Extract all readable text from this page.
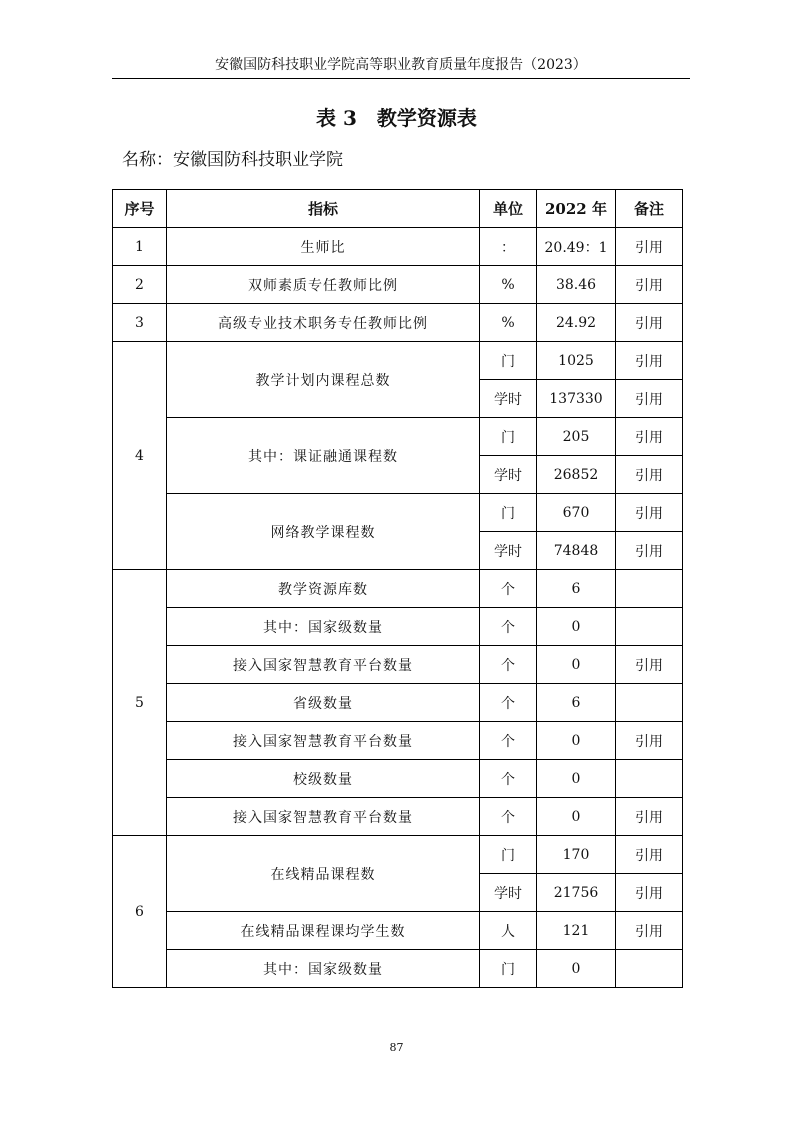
安徽国防科技职业学院高等职业教育质量年度报告（2023）
表 3　教学资源表
名称：安徽国防科技职业学院
序号	指标	单位	2022 年	备注
1	生师比	：	20.49：1	引用
2	双师素质专任教师比例	%	38.46	引用
3	高级专业技术职务专任教师比例	%	24.92	引用
4	教学计划内课程总数	门	1025	引用
		学时	137330	引用
	其中：课证融通课程数	门	205	引用
		学时	26852	引用
	网络教学课程数	门	670	引用
		学时	74848	引用
5	教学资源库数	个	6	
	其中：国家级数量	个	0	
	接入国家智慧教育平台数量	个	0	引用
	省级数量	个	6	
	接入国家智慧教育平台数量	个	0	引用
	校级数量	个	0	
	接入国家智慧教育平台数量	个	0	引用
6	在线精品课程数	门	170	引用
		学时	21756	引用
	在线精品课程课均学生数	人	121	引用
	其中：国家级数量	门	0	
87
